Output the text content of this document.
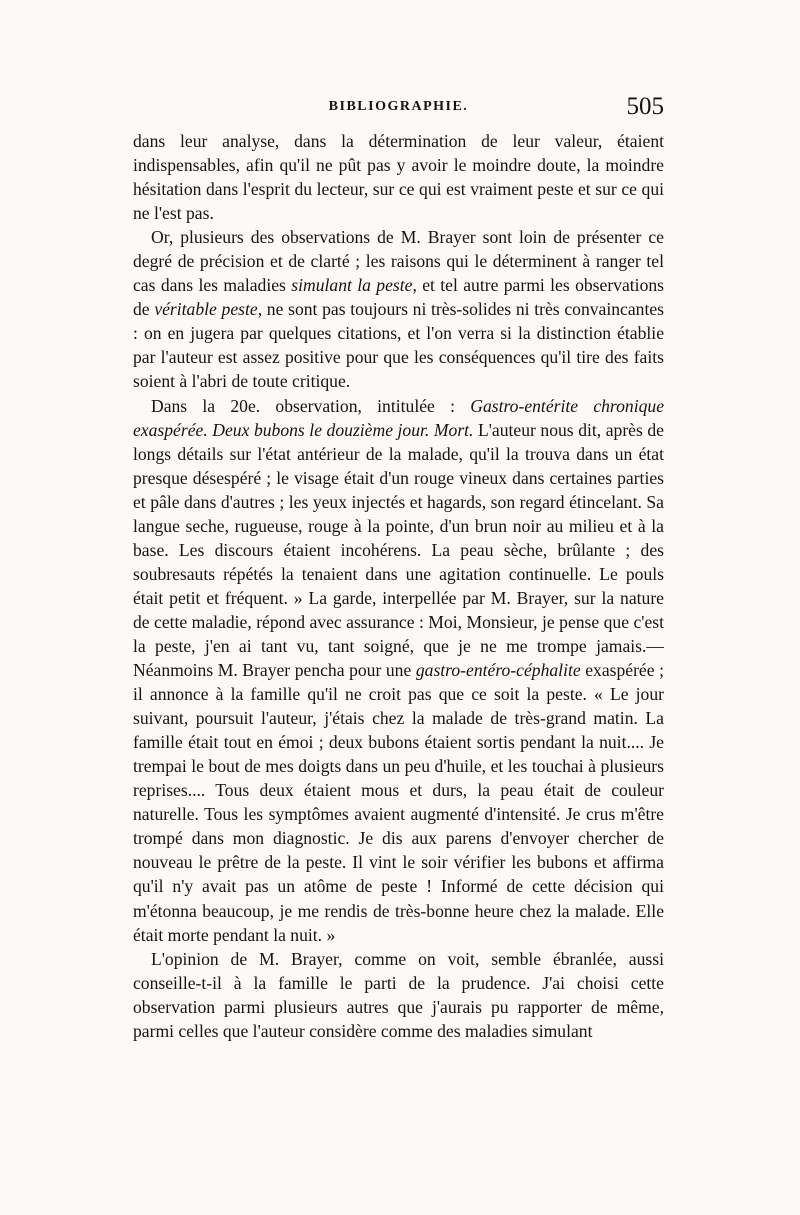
BIBLIOGRAPHIE.	505

dans leur analyse, dans la détermination de leur valeur, étaient indispensables, afin qu'il ne pût pas y avoir le moindre doute, la moindre hésitation dans l'esprit du lecteur, sur ce qui est vraiment peste et sur ce qui ne l'est pas.

Or, plusieurs des observations de M. Brayer sont loin de présenter ce degré de précision et de clarté ; les raisons qui le déterminent à ranger tel cas dans les maladies simulant la peste, et tel autre parmi les observations de véritable peste, ne sont pas toujours ni très-solides ni très convaincantes : on en jugera par quelques citations, et l'on verra si la distinction établie par l'auteur est assez positive pour que les conséquences qu'il tire des faits soient à l'abri de toute critique.

Dans la 20e. observation, intitulée : Gastro-entérite chronique exaspérée. Deux bubons le douzième jour. Mort. L'auteur nous dit, après de longs détails sur l'état antérieur de la malade, qu'il la trouva dans un état presque désespéré ; le visage était d'un rouge vineux dans certaines parties et pâle dans d'autres ; les yeux injectés et hagards, son regard étincelant. Sa langue seche, rugueuse, rouge à la pointe, d'un brun noir au milieu et à la base. Les discours étaient incohérens. La peau sèche, brûlante ; des soubresauts répétés la tenaient dans une agitation continuelle. Le pouls était petit et fréquent. » La garde, interpellée par M. Brayer, sur la nature de cette maladie, répond avec assurance : Moi, Monsieur, je pense que c'est la peste, j'en ai tant vu, tant soigné, que je ne me trompe jamais.—Néanmoins M. Brayer pencha pour une gastro-entéro-céphalite exaspérée ; il annonce à la famille qu'il ne croit pas que ce soit la peste. « Le jour suivant, poursuit l'auteur, j'étais chez la malade de très-grand matin. La famille était tout en émoi ; deux bubons étaient sortis pendant la nuit.... Je trempai le bout de mes doigts dans un peu d'huile, et les touchai à plusieurs reprises.... Tous deux étaient mous et durs, la peau était de couleur naturelle. Tous les symptômes avaient augmenté d'intensité. Je crus m'être trompé dans mon diagnostic. Je dis aux parens d'envoyer chercher de nouveau le prêtre de la peste. Il vint le soir vérifier les bubons et affirma qu'il n'y avait pas un atôme de peste ! Informé de cette décision qui m'étonna beaucoup, je me rendis de très-bonne heure chez la malade. Elle était morte pendant la nuit. »

L'opinion de M. Brayer, comme on voit, semble ébranlée, aussi conseille-t-il à la famille le parti de la prudence. J'ai choisi cette observation parmi plusieurs autres que j'aurais pu rapporter de même, parmi celles que l'auteur considère comme des maladies simulant
